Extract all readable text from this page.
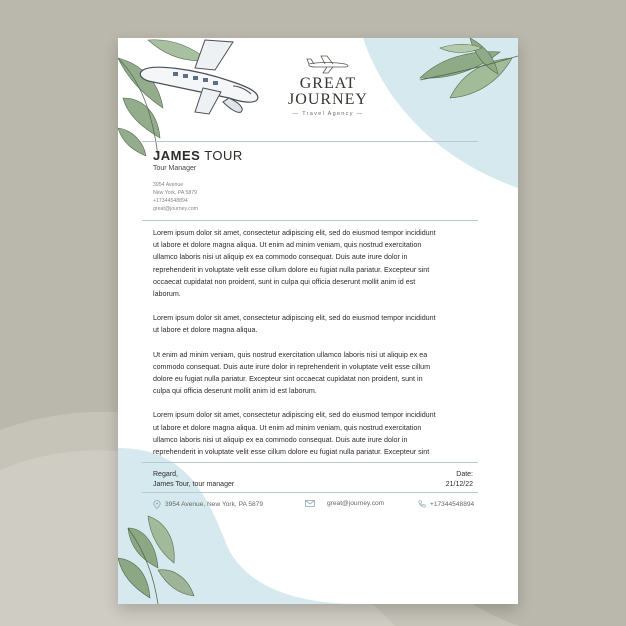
GREAT
JOURNEY
— Travel Agency —
JAMES TOUR
Tour Manager
3954 Avenue
New York, PA 5879
+17344548894
great@journey.com

Lorem ipsum dolor sit amet, consectetur adipiscing elit, sed do eiusmod tempor incididunt
ut labore et dolore magna aliqua. Ut enim ad minim veniam, quis nostrud exercitation
ullamco laboris nisi ut aliquip ex ea commodo consequat. Duis aute irure dolor in
reprehenderit in voluptate velit esse cillum dolore eu fugiat nulla pariatur. Excepteur sint
occaecat cupidatat non proident, sunt in culpa qui officia deserunt mollit anim id est
laborum.

Lorem ipsum dolor sit amet, consectetur adipiscing elit, sed do eiusmod tempor incididunt
ut labore et dolore magna aliqua.

Ut enim ad minim veniam, quis nostrud exercitation ullamco laboris nisi ut aliquip ex ea
commodo consequat. Duis aute irure dolor in reprehenderit in voluptate velit esse cillum
dolore eu fugiat nulla pariatur. Excepteur sint occaecat cupidatat non proident, sunt in
culpa qui officia deserunt mollit anim id est laborum.

Lorem ipsum dolor sit amet, consectetur adipiscing elit, sed do eiusmod tempor incididunt
ut labore et dolore magna aliqua. Ut enim ad minim veniam, quis nostrud exercitation
ullamco laboris nisi ut aliquip ex ea commodo consequat. Duis aute irure dolor in
reprehenderit in voluptate velit esse cillum dolore eu fugiat nulla pariatur. Excepteur sint

Regard,
James Tour, tour manager
Date:
21/12/22
3954 Avenue, New York, PA 5879	great@journey.com	+17344548894
